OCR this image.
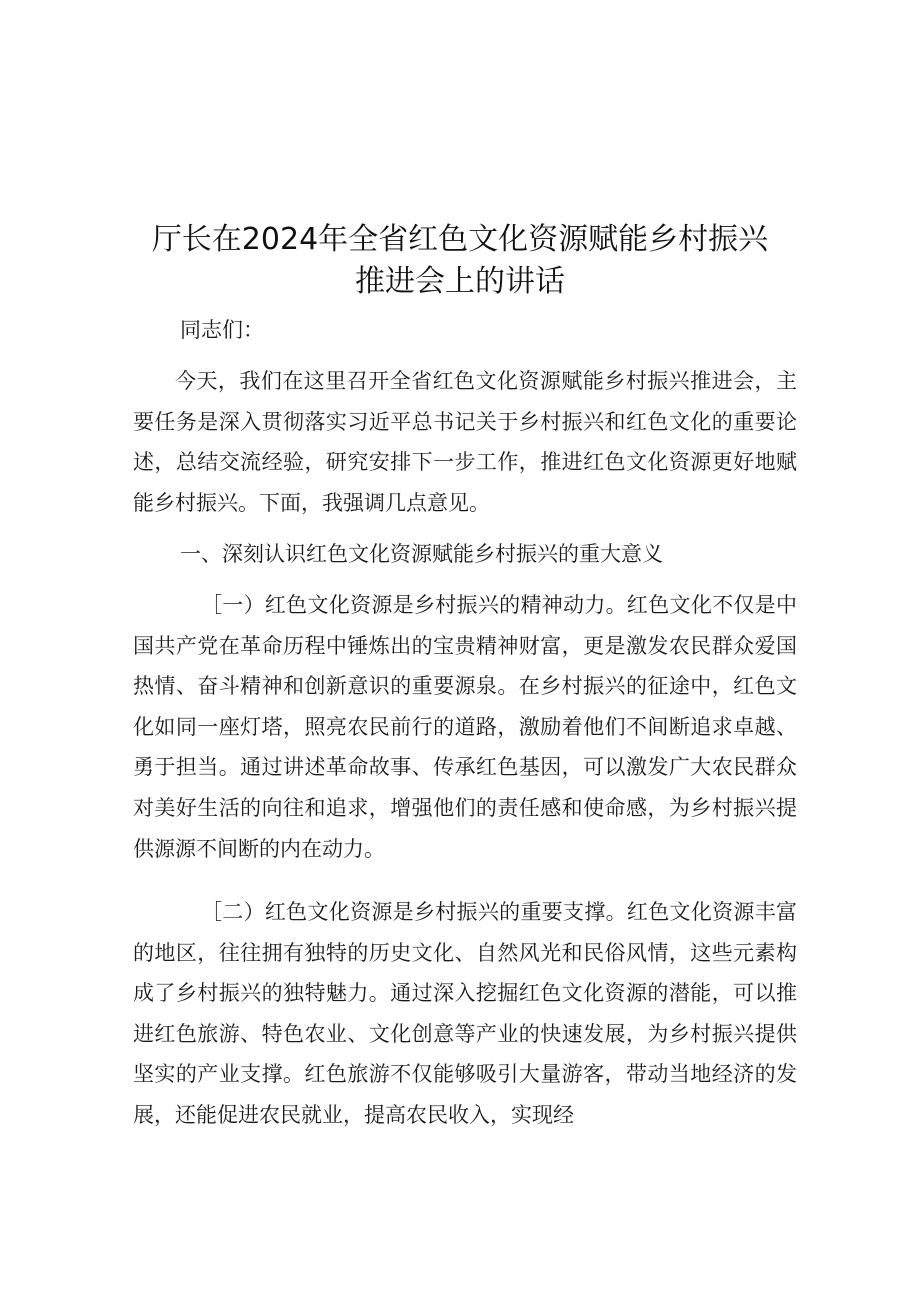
厅长在2024年全省红色文化资源赋能乡村振兴
推进会上的讲话
同志们：

今天，我们在这里召开全省红色文化资源赋能乡村振兴推进会，主要任务是深入贯彻落实习近平总书记关于乡村振兴和红色文化的重要论述，总结交流经验，研究安排下一步工作，推进红色文化资源更好地赋能乡村振兴。下面，我强调几点意见。

一、深刻认识红色文化资源赋能乡村振兴的重大意义

［一）红色文化资源是乡村振兴的精神动力。红色文化不仅是中国共产党在革命历程中锤炼出的宝贵精神财富，更是激发农民群众爱国热情、奋斗精神和创新意识的重要源泉。在乡村振兴的征途中，红色文化如同一座灯塔，照亮农民前行的道路，激励着他们不间断追求卓越、勇于担当。通过讲述革命故事、传承红色基因，可以激发广大农民群众对美好生活的向往和追求，增强他们的责任感和使命感，为乡村振兴提供源源不间断的内在动力。

［二）红色文化资源是乡村振兴的重要支撑。红色文化资源丰富的地区，往往拥有独特的历史文化、自然风光和民俗风情，这些元素构成了乡村振兴的独特魅力。通过深入挖掘红色文化资源的潜能，可以推进红色旅游、特色农业、文化创意等产业的快速发展，为乡村振兴提供坚实的产业支撑。红色旅游不仅能够吸引大量游客，带动当地经济的发展，还能促进农民就业，提高农民收入，实现经
